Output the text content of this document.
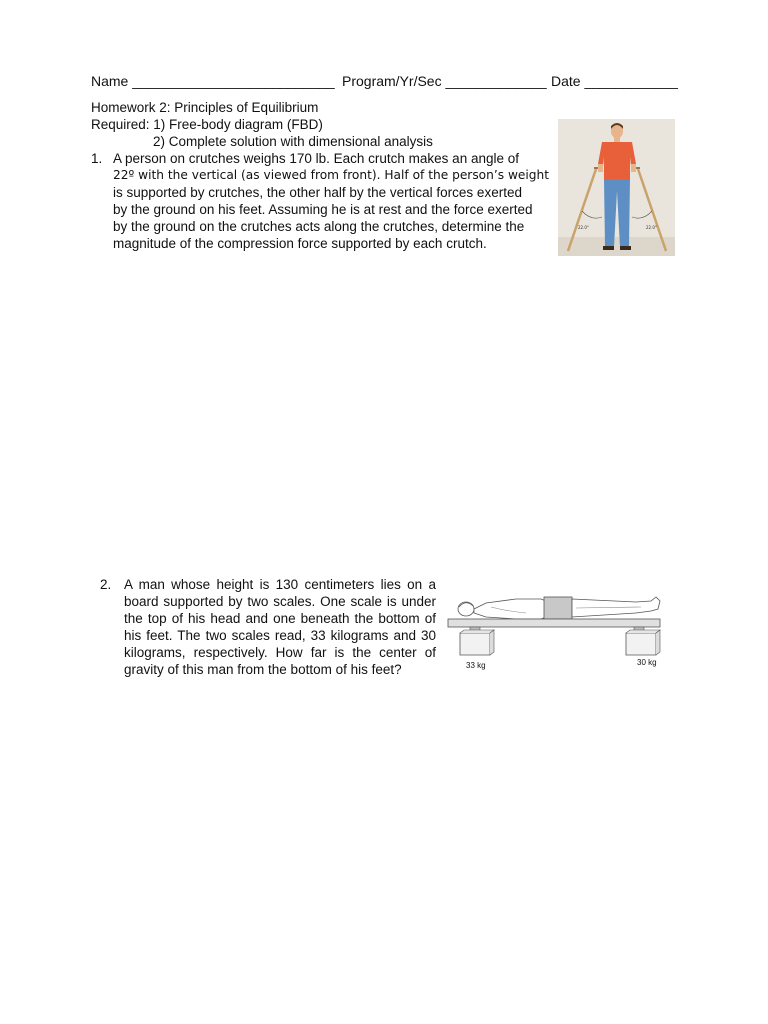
Name __________________________ Program/Yr/Sec _____________ Date ____________
Homework 2: Principles of Equilibrium
Required: 1) Free-body diagram (FBD)
2) Complete solution with dimensional analysis
1. A person on crutches weighs 170 lb. Each crutch makes an angle of
22º with the vertical (as viewed from front). Half of the person’s weight
is supported by crutches, the other half by the vertical forces exerted
by the ground on his feet. Assuming he is at rest and the force exerted
by the ground on the crutches acts along the crutches, determine the
magnitude of the compression force supported by each crutch.
22.0°	22.0°
2. A man whose height is 130 centimeters lies on a
board supported by two scales. One scale is under
the top of his head and one beneath the bottom of
his feet. The two scales read, 33 kilograms and 30
kilograms, respectively. How far is the center of
gravity of this man from the bottom of his feet?	33 kg	30 kg
